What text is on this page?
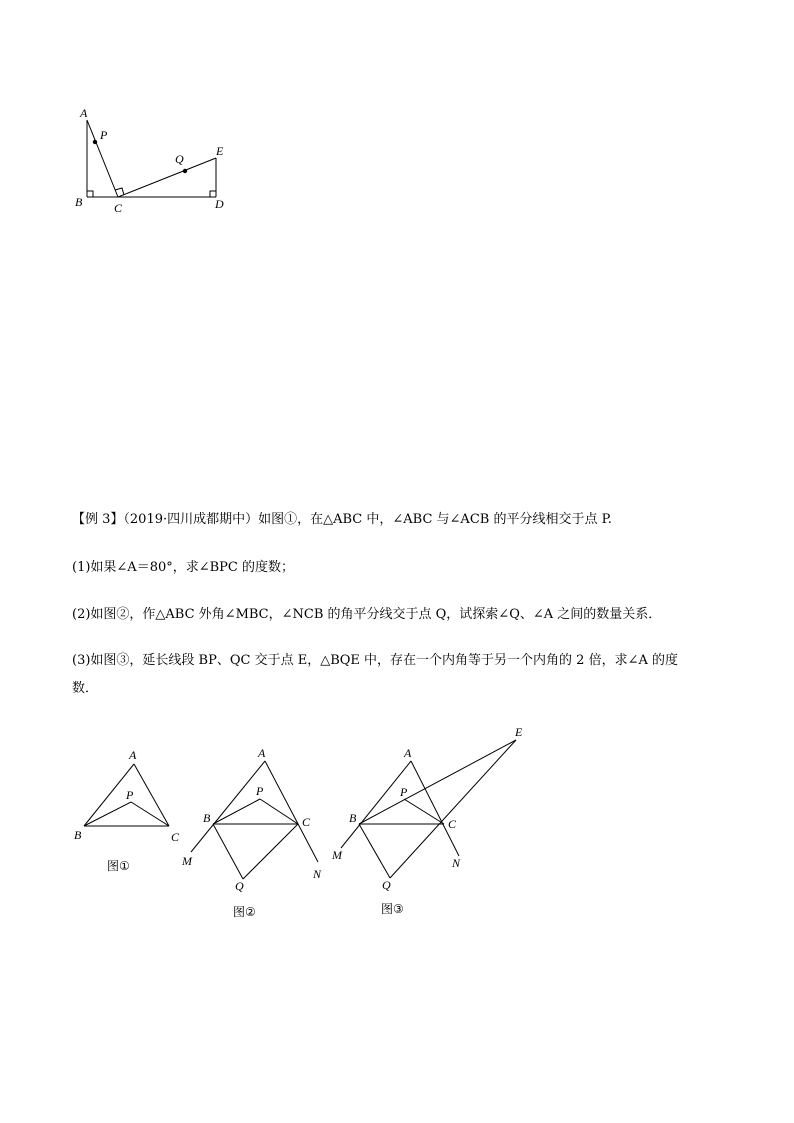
A
P
B	C
Q
E
D
【例 3】（2019·四川成都期中）如图①，在△ABC 中，∠ABC 与∠ACB 的平分线相交于点 P.
(1)如果∠A＝80°，求∠BPC 的度数；
(2)如图②，作△ABC 外角∠MBC，∠NCB 的角平分线交于点 Q，试探索∠Q、∠A 之间的数量关系．
(3)如图③，延长线段 BP、QC 交于点 E，△BQE 中，存在一个内角等于另一个内角的 2 倍，求∠A 的度
数．
A
P
B	C
图①
A
P
B	C
M
N
Q
图②
A
E
P
B	C
M
N
Q
图③
